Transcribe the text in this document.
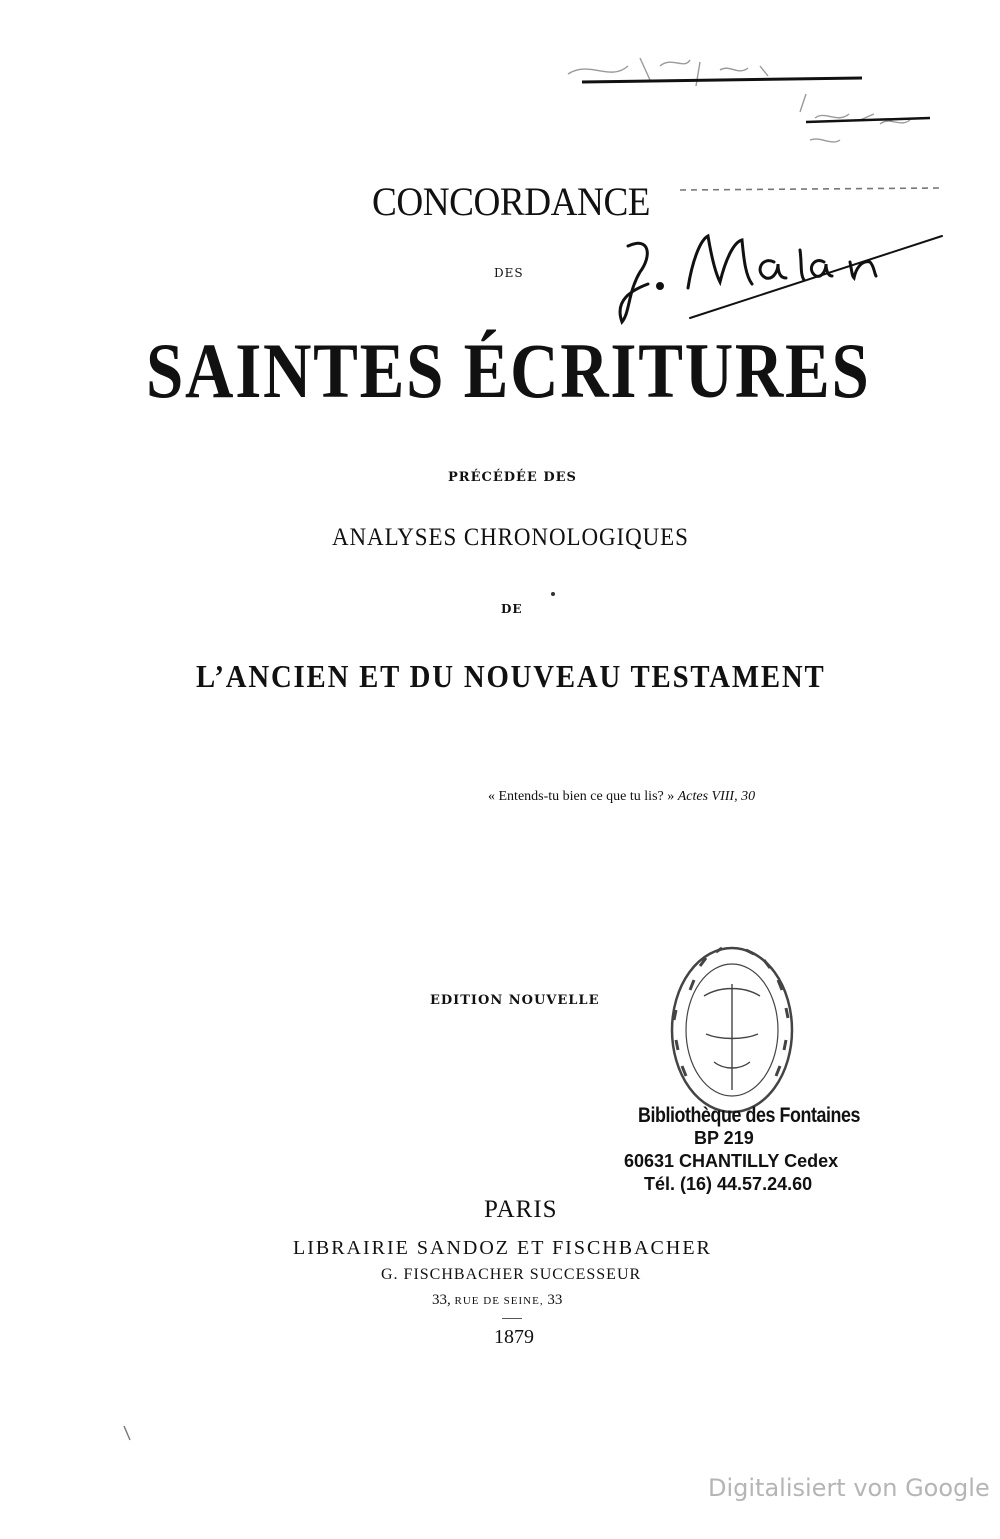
CONCORDANCE
DES
SAINTES ÉCRITURES
PRÉCÉDÉE DES
ANALYSES CHRONOLOGIQUES
DE
L’ANCIEN ET DU NOUVEAU TESTAMENT
« Entends-tu bien ce que tu lis? » Actes VIII, 30
EDITION NOUVELLE
Bibliothèque des Fontaines
BP 219
60631 CHANTILLY Cedex
Tél. (16) 44.57.24.60
PARIS
LIBRAIRIE SANDOZ ET FISCHBACHER
G. FISCHBACHER SUCCESSEUR
33, RUE DE SEINE, 33
1879
Digitalisiert von Google
